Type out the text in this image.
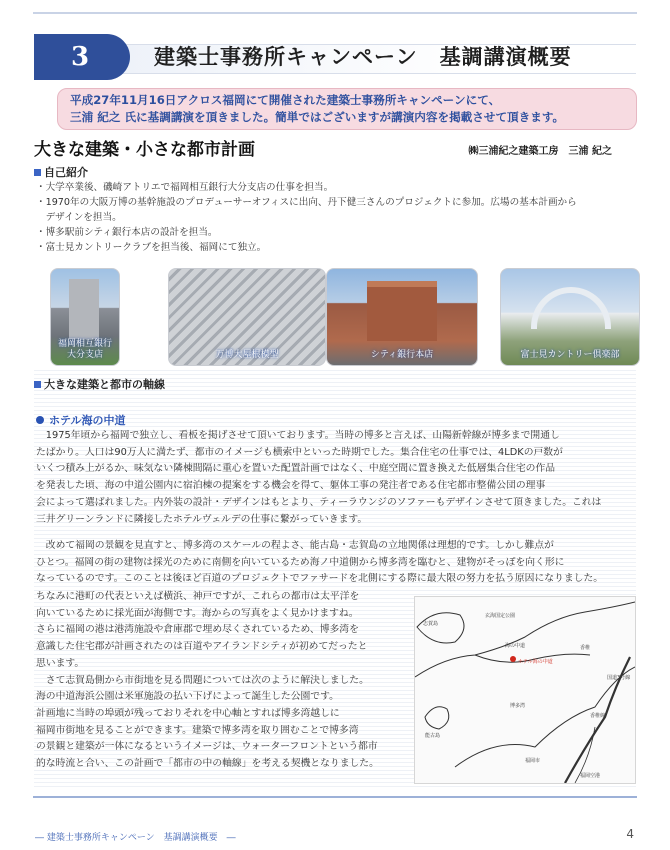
3	建築士事務所キャンペーン　基調講演概要

平成27年11月16日アクロス福岡にて開催された建築士事務所キャンペーンにて、

三浦 紀之 氏に基調講演を頂きました。簡単ではございますが講演内容を掲載させて頂きます。

大きな建築・小さな都市計画	㈱三浦紀之建築工房　三浦 紀之
自己紹介
・大学卒業後、磯崎アトリエで福岡相互銀行大分支店の仕事を担当。
・1970年の大阪万博の基幹施設のプロデューサーオフィスに出向、丹下健三さんのプロジェクトに参加。広場の基本計画から
　デザインを担当。
・博多駅前シティ銀行本店の設計を担当。
・富士見カントリークラブを担当後、福岡にて独立。
福岡相互銀行
大分支店	万博大屋根模型	シティ銀行本店	富士見カントリー倶楽部
大きな建築と都市の軸線
ホテル海の中道
　1975年頃から福岡で独立し、看板を掲げさせて頂いております。当時の博多と言えば、山陽新幹線が博多まで開通し
たばかり。人口は90万人に満たず、都市のイメージも横索中といった時期でした。集合住宅の仕事では、4LDKの戸数が
いくつ積み上がるか、味気ない隣棟間隔に重心を置いた配置計画ではなく、中庭空間に置き換えた低層集合住宅の作品
を発表した頃、海の中道公園内に宿泊棟の提案をする機会を得て、躯体工事の発注者である住宅都市整備公団の理事
会によって選ばれました。内外装の設計・デザインはもとより、ティーラウンジのソファーもデザインさせて頂きました。これは
三井グリーンランドに隣接したホテルヴェルデの仕事に繋がっていきます。
　改めて福岡の景観を見直すと、博多湾のスケールの程よさ、能古島・志賀島の立地関係は理想的です。しかし難点が
ひとつ。福岡の街の建物は採光のために南側を向いているため海ノ中道側から博多湾を臨むと、建物がそっぽを向く形に
なっているのです。このことは後ほど百道のプロジェクトでファサードを北側にする際に最大限の努力を払う原因になりました。
ちなみに港町の代表といえば横浜、神戸ですが、これらの都市は太平洋を
向いているために採光面が海側です。海からの写真をよく見かけますね。
さらに福岡の港は港湾施設や倉庫郡で埋め尽くされているため、博多湾を
意識した住宅郡が計画されたのは百道やアイランドシティが初めてだったと
思います。
　さて志賀島側から市街地を見る問題については次のように解決しました。
海の中道海浜公園は米軍施設の払い下げによって誕生した公園です。
計画地に当時の埠頭が残っておりそれを中心軸とすれば博多湾越しに
福岡市街地を見ることができます。建築で博多湾を取り囲むことで博多湾
の景観と建築が一体になるというイメージは、ウォーターフロントという都市
的な時流と合い、この計画で「都市の中の軸線」を考える契機となりました。
志賀島
玄海国定公園
海の中道
ホテル海の中道
香椎
国道3号線
博多湾
能古島
福岡市
福岡空港
香椎線
― 建築士事務所キャンペーン　基調講演概要　―	4
